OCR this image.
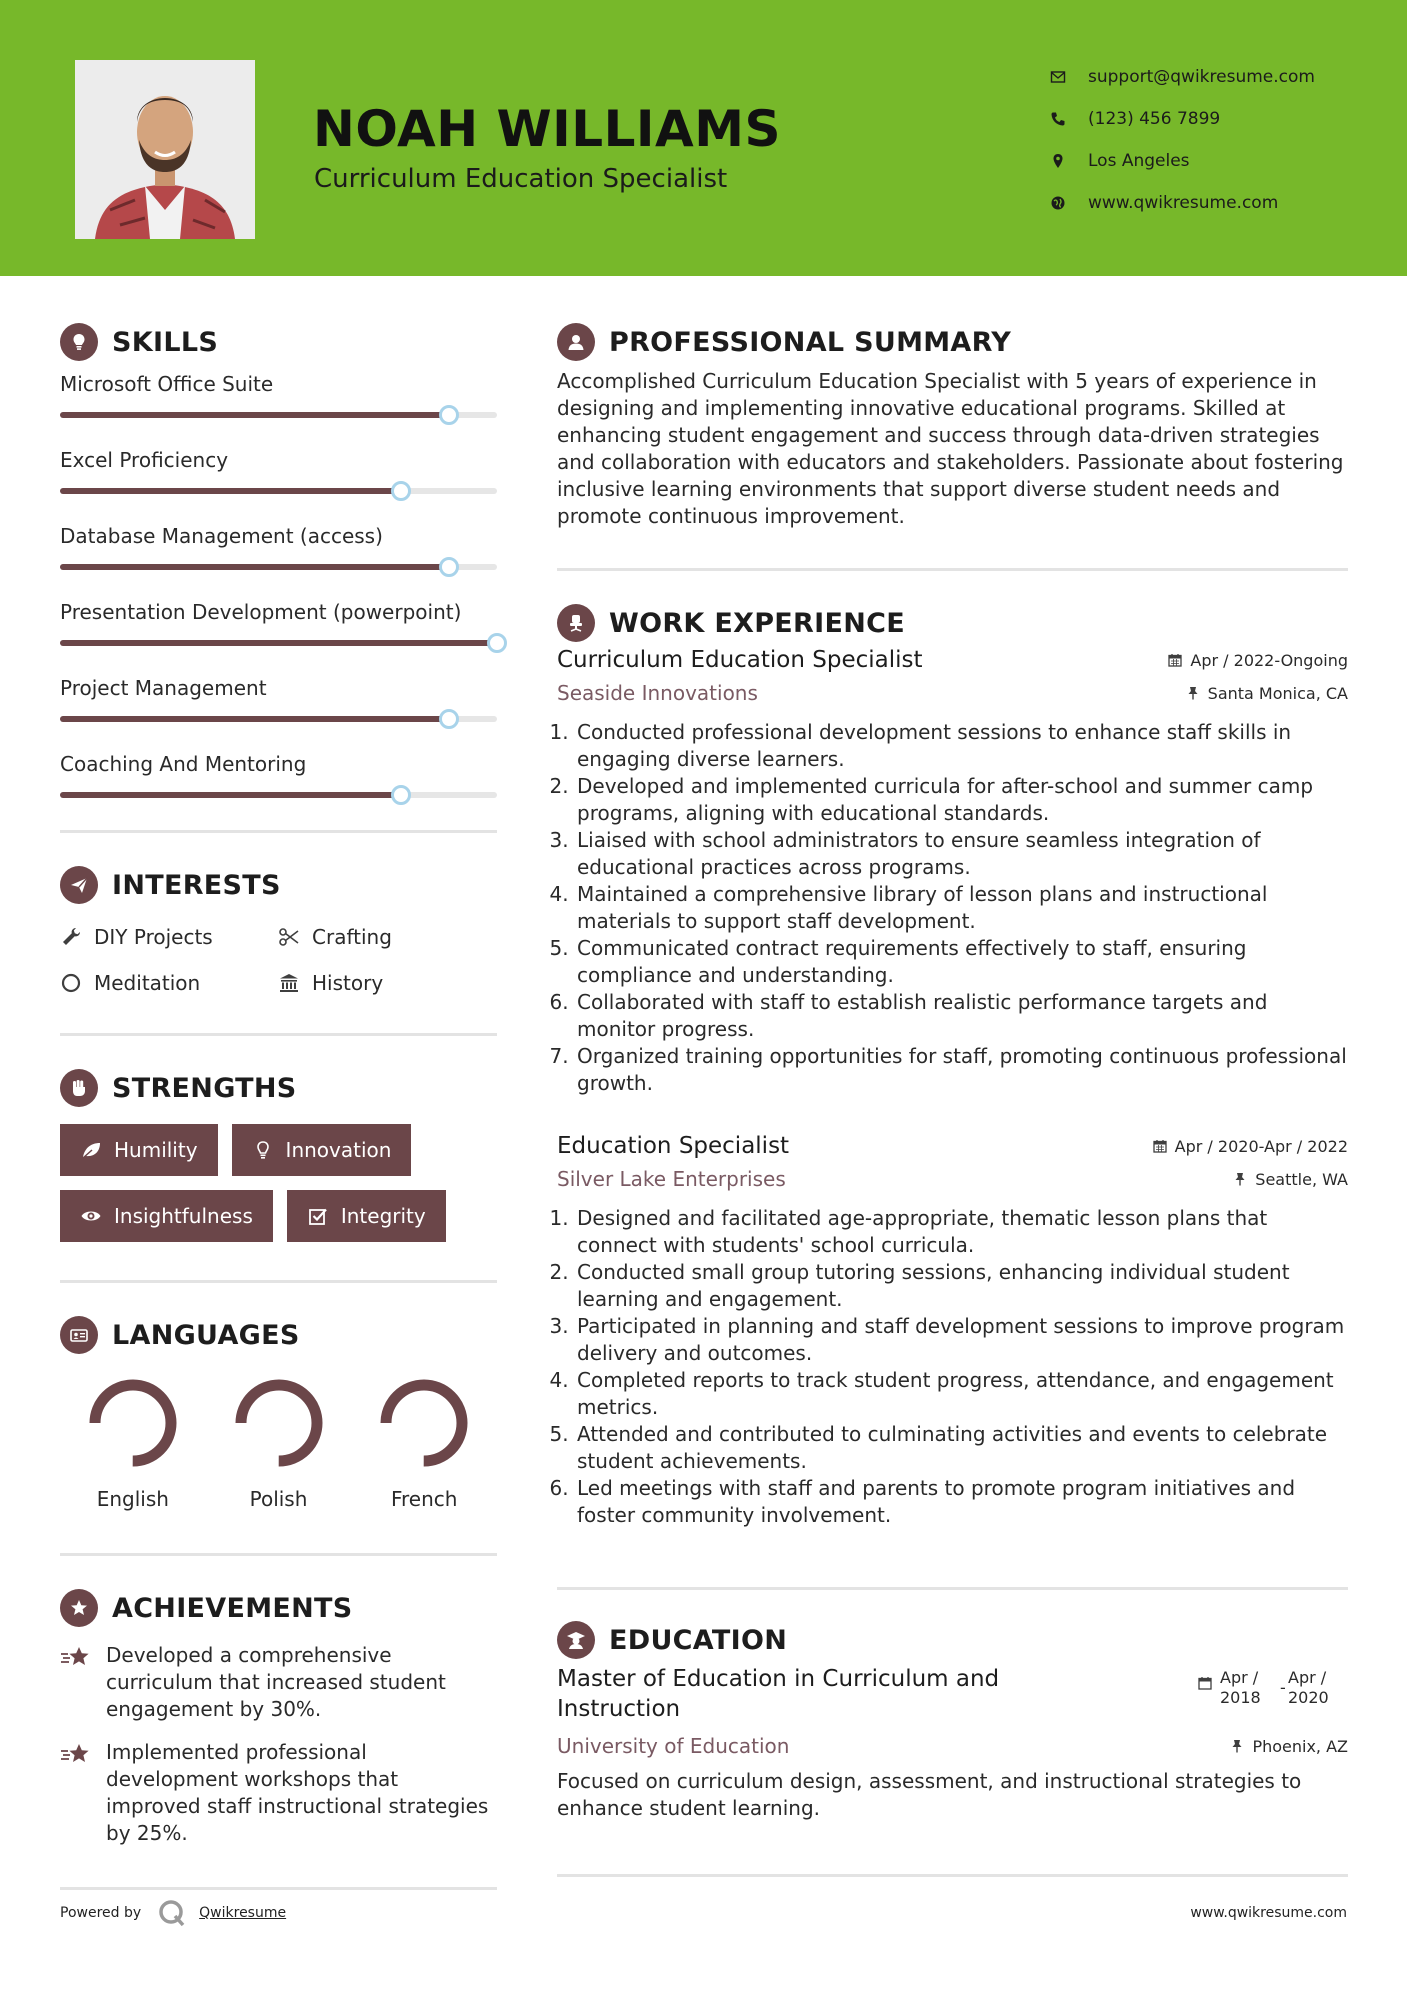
NOAH WILLIAMS
Curriculum Education Specialist
support@qwikresume.com
(123) 456 7899
Los Angeles
www.qwikresume.com
SKILLS
Microsoft Office Suite
Excel Proficiency
Database Management (access)
Presentation Development (powerpoint)
Project Management
Coaching And Mentoring
INTERESTS
DIY Projects	Crafting
Meditation	History
STRENGTHS
Humility	Innovation
Insightfulness	Integrity
LANGUAGES
English	Polish	French
ACHIEVEMENTS
Developed a comprehensive curriculum that increased student engagement by 30%.
Implemented professional development workshops that improved staff instructional strategies by 25%.
PROFESSIONAL SUMMARY

Accomplished Curriculum Education Specialist with 5 years of experience in designing and implementing innovative educational programs. Skilled at enhancing student engagement and success through data-driven strategies and collaboration with educators and stakeholders. Passionate about fostering inclusive learning environments that support diverse student needs and promote continuous improvement.

WORK EXPERIENCE
Curriculum Education Specialist	Apr / 2022-Ongoing
Seaside Innovations	Santa Monica, CA
1. Conducted professional development sessions to enhance staff skills in engaging diverse learners.
2. Developed and implemented curricula for after-school and summer camp programs, aligning with educational standards.
3. Liaised with school administrators to ensure seamless integration of educational practices across programs.
4. Maintained a comprehensive library of lesson plans and instructional materials to support staff development.
5. Communicated contract requirements effectively to staff, ensuring compliance and understanding.
6. Collaborated with staff to establish realistic performance targets and monitor progress.
7. Organized training opportunities for staff, promoting continuous professional growth.
Education Specialist	Apr / 2020-Apr / 2022
Silver Lake Enterprises	Seattle, WA
1. Designed and facilitated age-appropriate, thematic lesson plans that connect with students' school curricula.
2. Conducted small group tutoring sessions, enhancing individual student learning and engagement.
3. Participated in planning and staff development sessions to improve program delivery and outcomes.
4. Completed reports to track student progress, attendance, and engagement metrics.
5. Attended and contributed to culminating activities and events to celebrate student achievements.
6. Led meetings with staff and parents to promote program initiatives and foster community involvement.
EDUCATION
Master of Education in Curriculum and Instruction
Apr / 2018
-
Apr / 2020
University of Education	Phoenix, AZ

Focused on curriculum design, assessment, and instructional strategies to enhance student learning.

Powered by	Qwikresume	www.qwikresume.com
